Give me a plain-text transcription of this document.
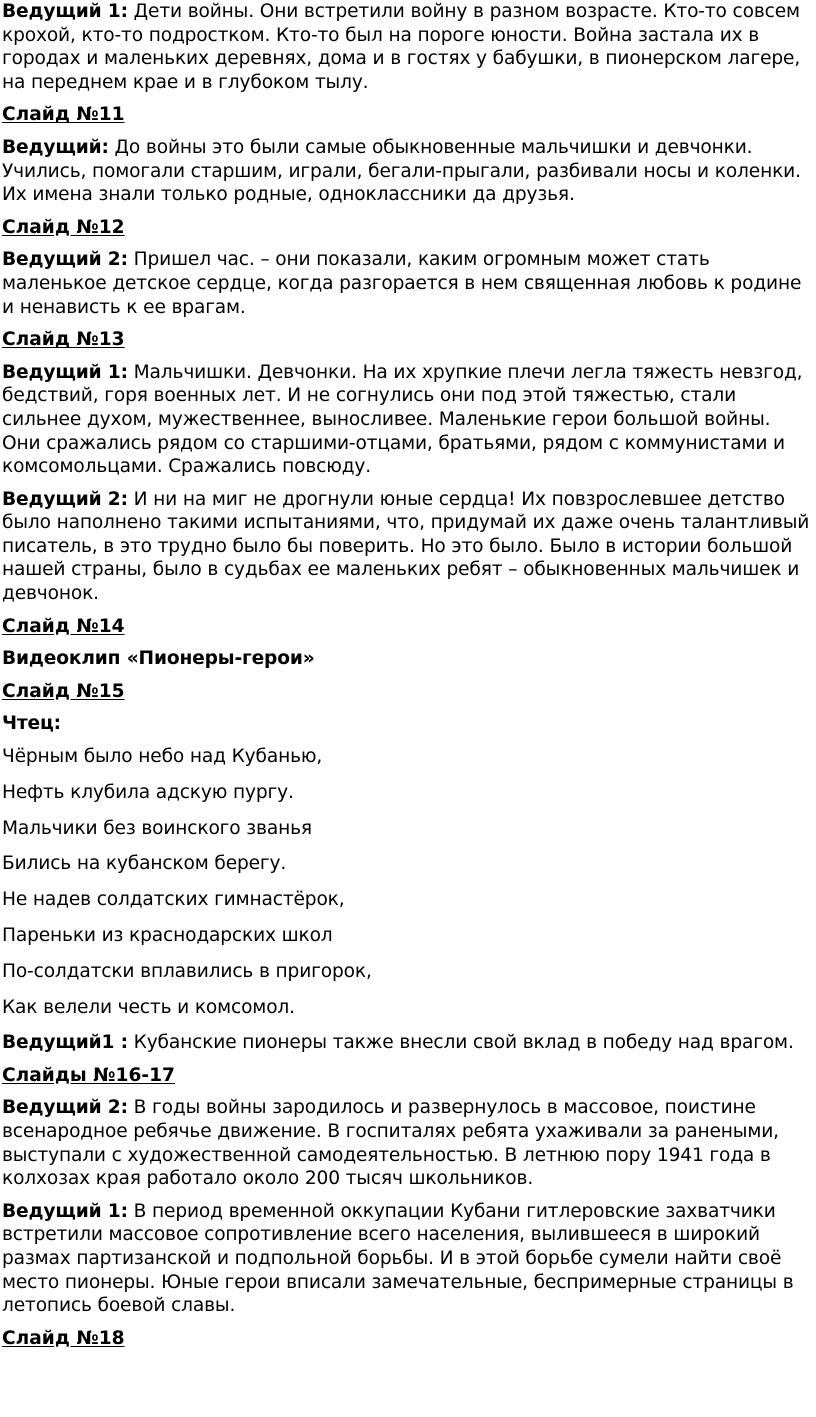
Ведущий 1: Дети войны. Они встретили войну в разном возрасте. Кто-то совсем крохой, кто-то подростком. Кто-то был на пороге юности. Война застала их в городах и маленьких деревнях, дома и в гостях у бабушки, в пионерском лагере, на переднем крае и в глубоком тылу.

Слайд №11

Ведущий: До войны это были самые обыкновенные мальчишки и девчонки. Учились, помогали старшим, играли, бегали-прыгали, разбивали носы и коленки. Их имена знали только родные, одноклассники да друзья.

Слайд №12

Ведущий 2: Пришел час. – они показали, каким огромным может стать маленькое детское сердце, когда разгорается в нем священная любовь к родине и ненависть к ее врагам.

Слайд №13

Ведущий 1: Мальчишки. Девчонки. На их хрупкие плечи легла тяжесть невзгод, бедствий, горя военных лет. И не согнулись они под этой тяжестью, стали сильнее духом, мужественнее, выносливее. Маленькие герои большой войны. Они сражались рядом со старшими-отцами, братьями, рядом с коммунистами и комсомольцами. Сражались повсюду.

Ведущий 2: И ни на миг не дрогнули юные сердца! Их повзрослевшее детство было наполнено такими испытаниями, что, придумай их даже очень талантливый писатель, в это трудно было бы поверить. Но это было. Было в истории большой нашей страны, было в судьбах ее маленьких ребят – обыкновенных мальчишек и девчонок.

Слайд №14

Видеоклип «Пионеры-герои»

Слайд №15

Чтец:

Чёрным было небо над Кубанью,

Нефть клубила адскую пургу.

Мальчики без воинского званья

Бились на кубанском берегу.

Не надев солдатских гимнастёрок,

Пареньки из краснодарских школ

По-солдатски вплавились в пригорок,

Как велели честь и комсомол.

Ведущий1 : Кубанские пионеры также внесли свой вклад в победу над врагом.

Слайды №16-17

Ведущий 2: В годы войны зародилось и развернулось в массовое, поистине всенародное ребячье движение. В госпиталях ребята ухаживали за ранеными, выступали с художественной самодеятельностью. В летнюю пору 1941 года в колхозах края работало около 200 тысяч школьников.

Ведущий 1: В период временной оккупации Кубани гитлеровские захватчики встретили массовое сопротивление всего населения, вылившееся в широкий размах партизанской и подпольной борьбы. И в этой борьбе сумели найти своё место пионеры. Юные герои вписали замечательные, беспримерные страницы в летопись боевой славы.

Слайд №18
